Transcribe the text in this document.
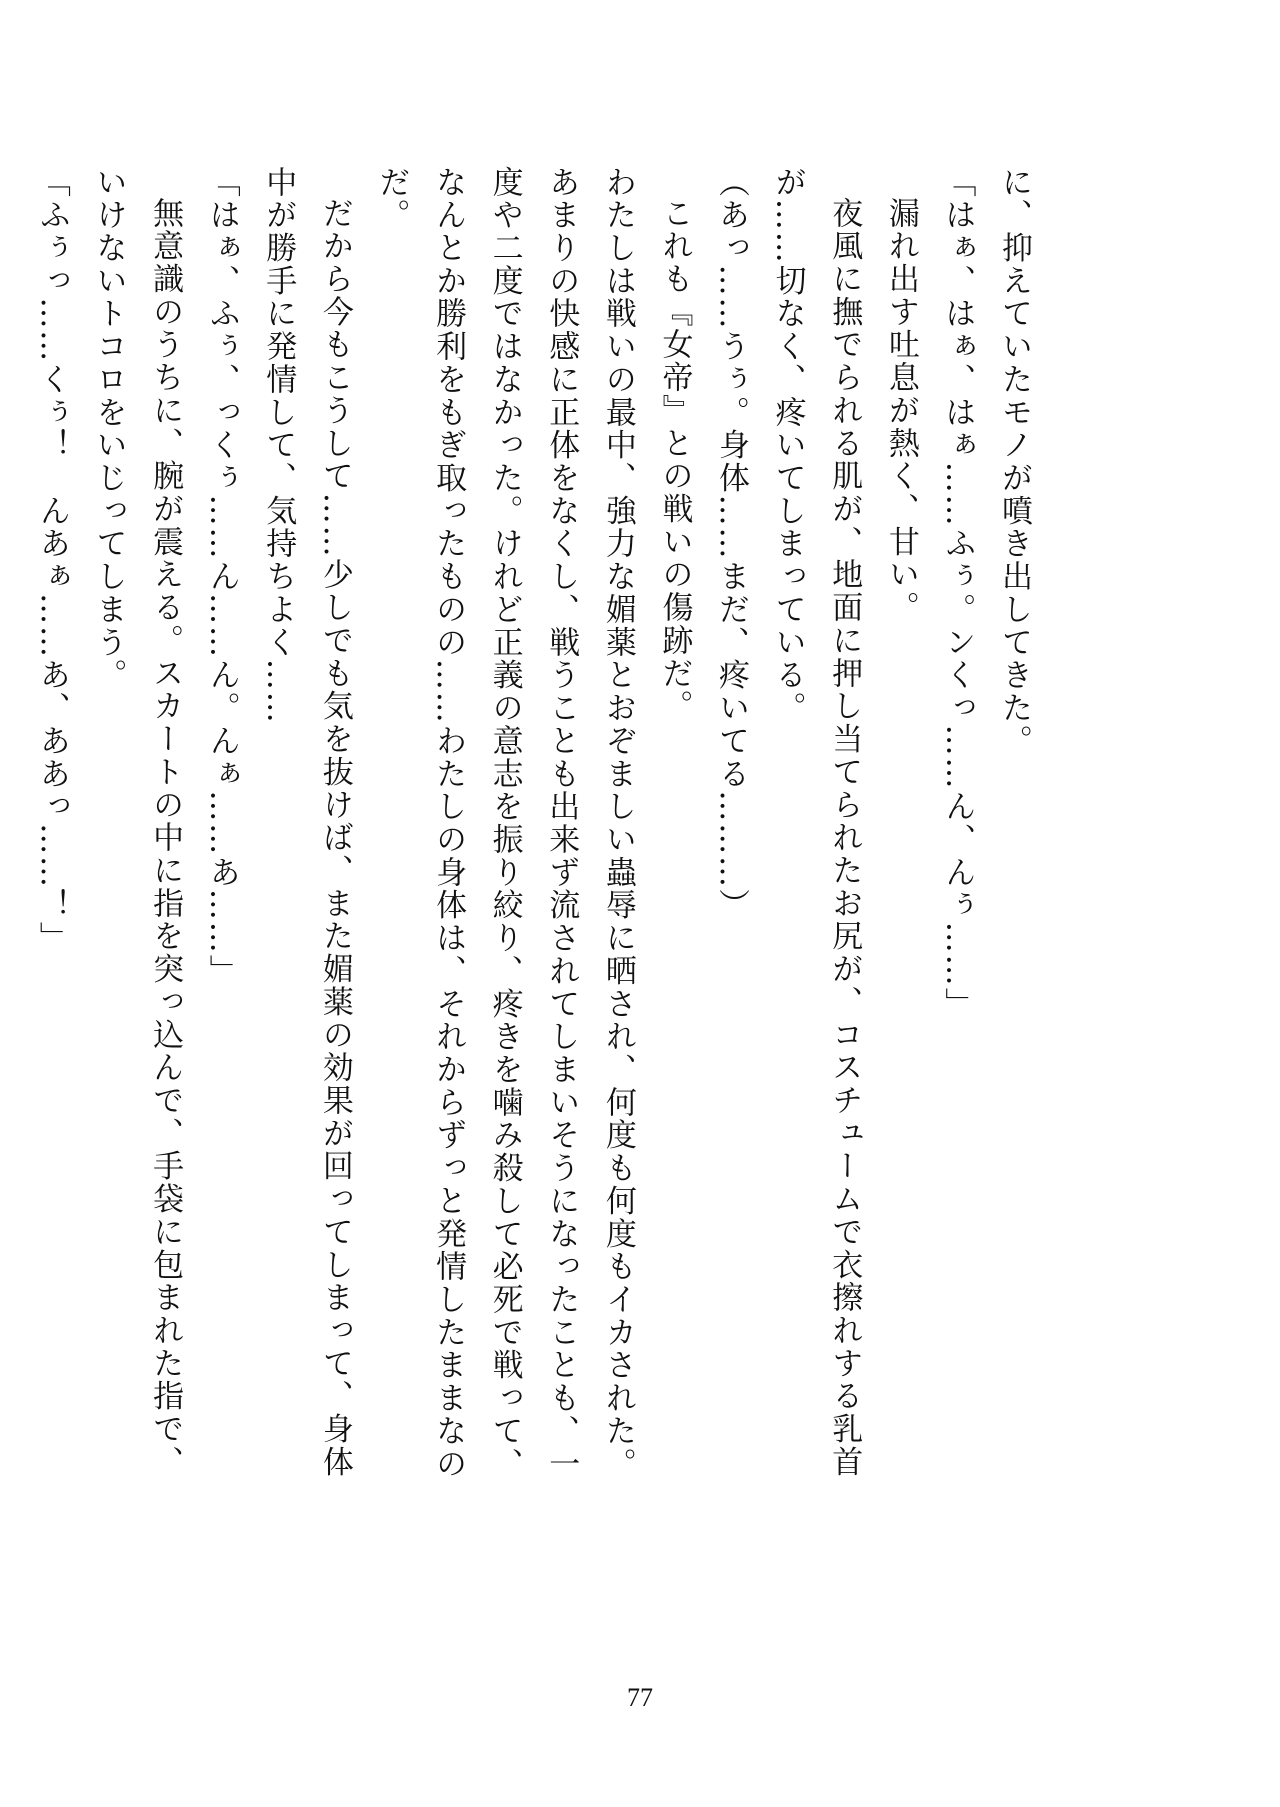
に、抑えていたモノが噴き出してきた。
「はぁ、はぁ、はぁ……ふぅ。ンくっ……ん、んぅ……」
漏れ出す吐息が熱く、甘い。
夜風に撫でられる肌が、地面に押し当てられたお尻が、コスチュームで衣擦れする乳首
が……切なく、疼いてしまっている。
（あっ……うぅ。身体……まだ、疼いてる………）
これも『女帝』との戦いの傷跡だ。
わたしは戦いの最中、強力な媚薬とおぞましい蟲辱に晒され、何度も何度もイカされた。
あまりの快感に正体をなくし、戦うことも出来ず流されてしまいそうになったことも、一
度や二度ではなかった。けれど正義の意志を振り絞り、疼きを噛み殺して必死で戦って、
なんとか勝利をもぎ取ったものの……わたしの身体は、それからずっと発情したままなの
だ。
だから今もこうして……少しでも気を抜けば、また媚薬の効果が回ってしまって、身体
中が勝手に発情して、気持ちよく……
「はぁ、ふぅ、っくぅ……ん……ん。んぁ……あ……」
無意識のうちに、腕が震える。スカートの中に指を突っ込んで、手袋に包まれた指で、
いけないトコロをいじってしまう。
「ふぅっ……くぅ！　んあぁ……あ、ああっ……！」
77
